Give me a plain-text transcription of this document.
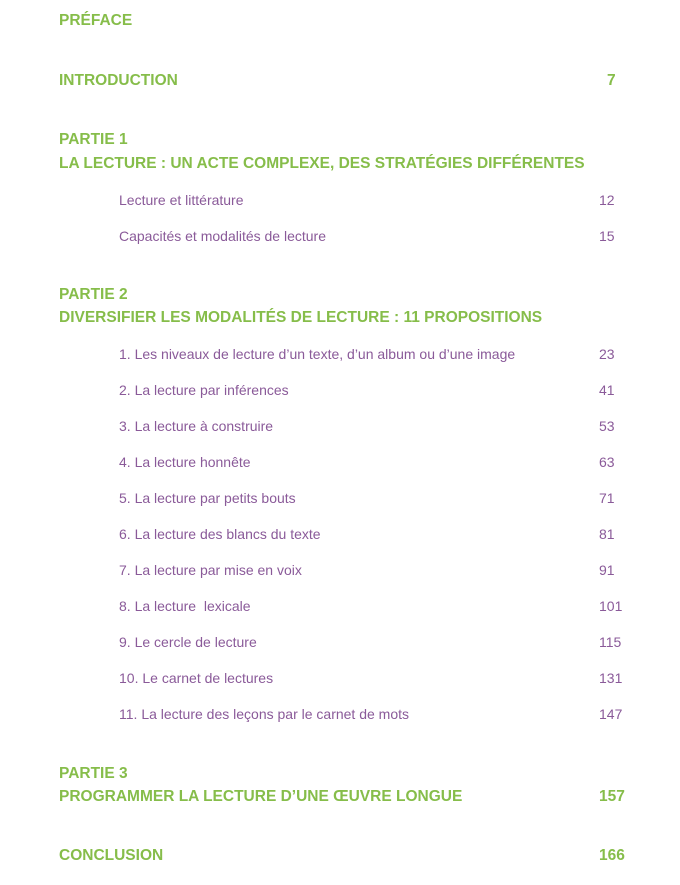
PRÉFACE
INTRODUCTION	7
PARTIE 1
LA LECTURE : UN ACTE COMPLEXE, DES STRATÉGIES DIFFÉRENTES
Lecture et littérature	12
Capacités et modalités de lecture	15
PARTIE 2
DIVERSIFIER LES MODALITÉS DE LECTURE : 11 PROPOSITIONS
1. Les niveaux de lecture d’un texte, d’un album ou d’une image	23
2. La lecture par inférences	41
3. La lecture à construire	53
4. La lecture honnête	63
5. La lecture par petits bouts	71
6. La lecture des blancs du texte	81
7. La lecture par mise en voix	91
8. La lecture  lexicale	101
9. Le cercle de lecture	115
10. Le carnet de lectures	131
11. La lecture des leçons par le carnet de mots	147
PARTIE 3
PROGRAMMER LA LECTURE D’UNE ŒUVRE LONGUE	157
CONCLUSION	166
